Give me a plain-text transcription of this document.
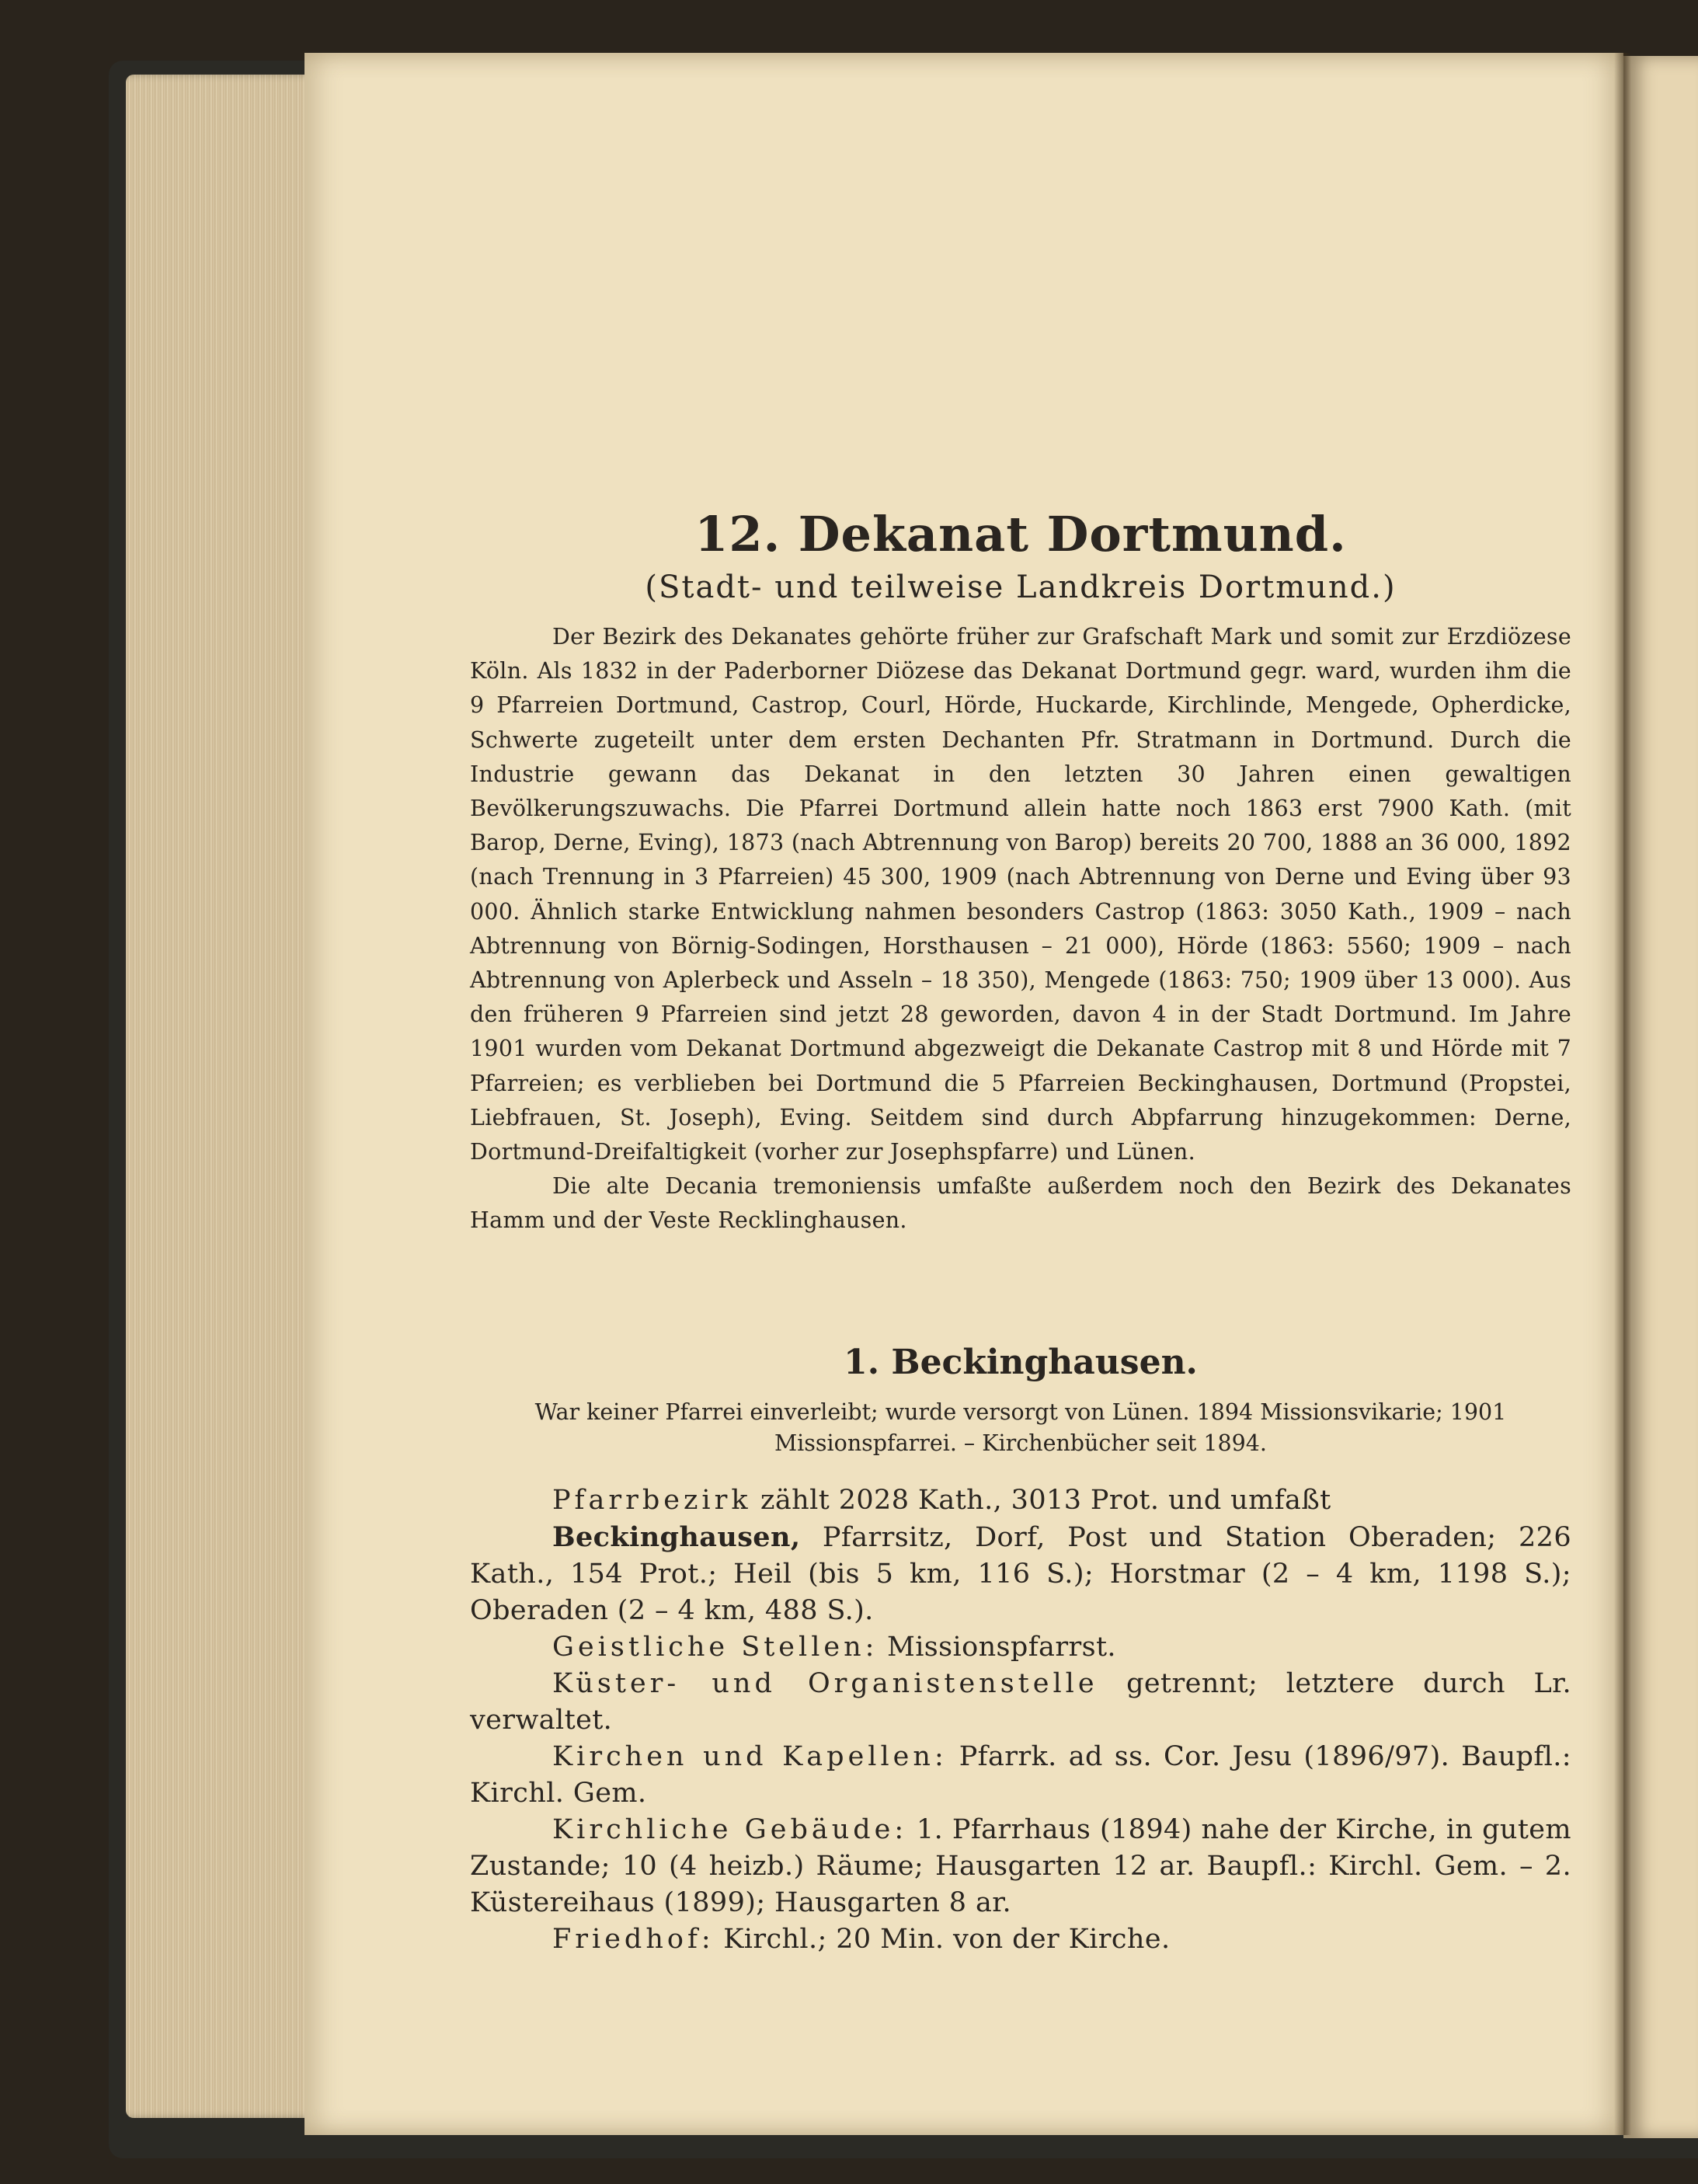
12. Dekanat Dortmund.

(Stadt- und teilweise Landkreis Dortmund.)

Der Bezirk des Dekanates gehörte früher zur Grafschaft Mark und somit zur Erzdiözese Köln. Als 1832 in der Paderborner Diözese das Dekanat Dortmund gegr. ward, wurden ihm die 9 Pfarreien Dortmund, Castrop, Courl, Hörde, Huckarde, Kirchlinde, Mengede, Opherdicke, Schwerte zugeteilt unter dem ersten Dechanten Pfr. Stratmann in Dortmund. Durch die Industrie gewann das Dekanat in den letzten 30 Jahren einen gewaltigen Bevölkerungszuwachs. Die Pfarrei Dortmund allein hatte noch 1863 erst 7900 Kath. (mit Barop, Derne, Eving), 1873 (nach Abtrennung von Barop) bereits 20 700, 1888 an 36 000, 1892 (nach Trennung in 3 Pfarreien) 45 300, 1909 (nach Abtrennung von Derne und Eving über 93 000. Ähnlich starke Entwicklung nahmen besonders Castrop (1863: 3050 Kath., 1909 – nach Abtrennung von Börnig-Sodingen, Horsthausen – 21 000), Hörde (1863: 5560; 1909 – nach Abtrennung von Aplerbeck und Asseln – 18 350), Mengede (1863: 750; 1909 über 13 000). Aus den früheren 9 Pfarreien sind jetzt 28 geworden, davon 4 in der Stadt Dortmund. Im Jahre 1901 wurden vom Dekanat Dortmund abgezweigt die Dekanate Castrop mit 8 und Hörde mit 7 Pfarreien; es verblieben bei Dortmund die 5 Pfarreien Beckinghausen, Dortmund (Propstei, Liebfrauen, St. Joseph), Eving. Seitdem sind durch Abpfarrung hinzugekommen: Derne, Dortmund-Dreifaltigkeit (vorher zur Josephspfarre) und Lünen.

Die alte Decania tremoniensis umfaßte außerdem noch den Bezirk des Dekanates Hamm und der Veste Recklinghausen.

1. Beckinghausen.

War keiner Pfarrei einverleibt; wurde versorgt von Lünen. 1894 Missionsvikarie; 1901 Missionspfarrei. – Kirchenbücher seit 1894.

Pfarrbezirk zählt 2028 Kath., 3013 Prot. und umfaßt

Beckinghausen, Pfarrsitz, Dorf, Post und Station Oberaden; 226 Kath., 154 Prot.; Heil (bis 5 km, 116 S.); Horstmar (2 – 4 km, 1198 S.); Oberaden (2 – 4 km, 488 S.).

Geistliche Stellen: Missionspfarrst.

Küster- und Organistenstelle getrennt; letztere durch Lr. verwaltet.

Kirchen und Kapellen: Pfarrk. ad ss. Cor. Jesu (1896/97). Baupfl.: Kirchl. Gem.

Kirchliche Gebäude: 1. Pfarrhaus (1894) nahe der Kirche, in gutem Zustande; 10 (4 heizb.) Räume; Hausgarten 12 ar. Baupfl.: Kirchl. Gem. – 2. Küstereihaus (1899); Hausgarten 8 ar.

Friedhof: Kirchl.; 20 Min. von der Kirche.
